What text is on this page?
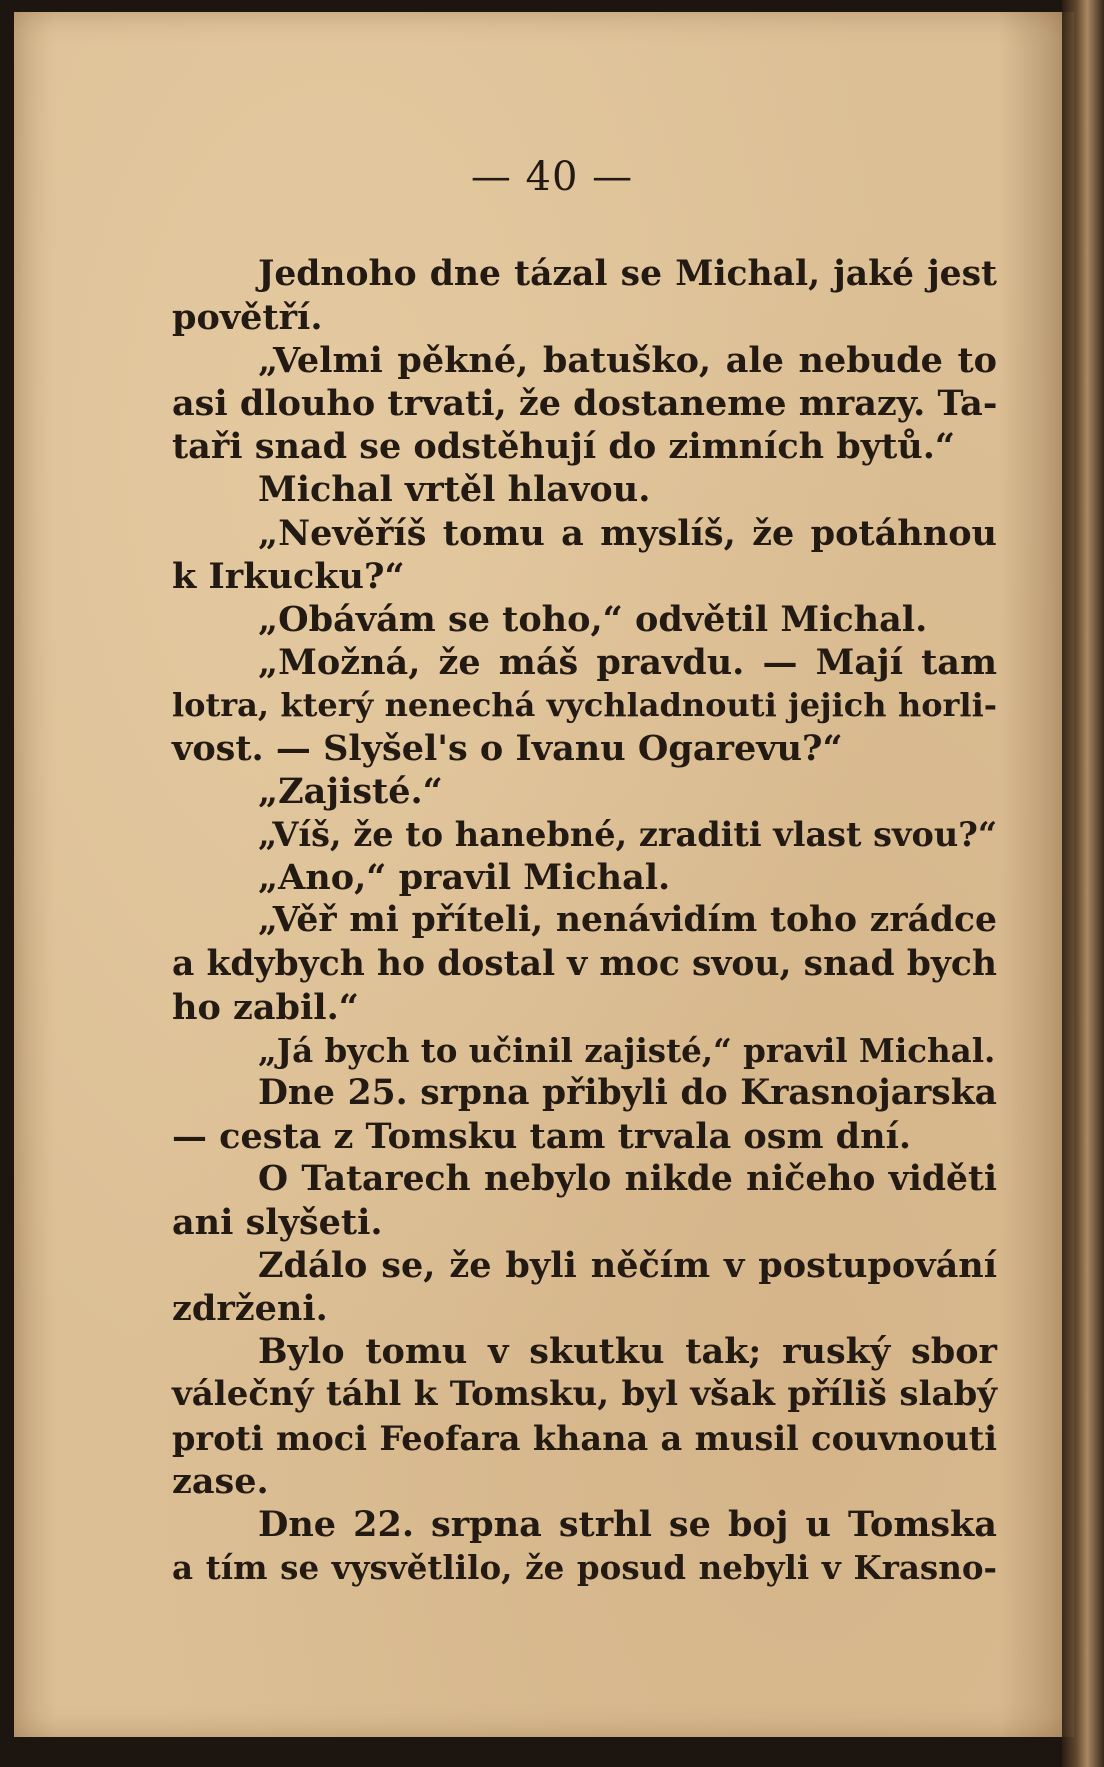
— 40 —
Jednoho dne tázal se Michal, jaké jest
povětří.
„Velmi pěkné, batuško, ale nebude to
asi dlouho trvati, že dostaneme mrazy. Ta-
taři snad se odstěhují do zimních bytů.“
Michal vrtěl hlavou.
„Nevěříš tomu a myslíš, že potáhnou
k Irkucku?“
„Obávám se toho,“ odvětil Michal.
„Možná, že máš pravdu. — Mají tam
lotra, který nenechá vychladnouti jejich horli-
vost. — Slyšel's o Ivanu Ogarevu?“
„Zajisté.“
„Víš, že to hanebné, zraditi vlast svou?“
„Ano,“ pravil Michal.
„Věř mi příteli, nenávidím toho zrádce
a kdybych ho dostal v moc svou, snad bych
ho zabil.“
„Já bych to učinil zajisté,“ pravil Michal.
Dne 25. srpna přibyli do Krasnojarska
— cesta z Tomsku tam trvala osm dní.
O Tatarech nebylo nikde ničeho viděti
ani slyšeti.
Zdálo se, že byli něčím v postupování
zdrženi.
Bylo tomu v skutku tak; ruský sbor
válečný táhl k Tomsku, byl však příliš slabý
proti moci Feofara khana a musil couvnouti
zase.
Dne 22. srpna strhl se boj u Tomska
a tím se vysvětlilo, že posud nebyli v Krasno-
